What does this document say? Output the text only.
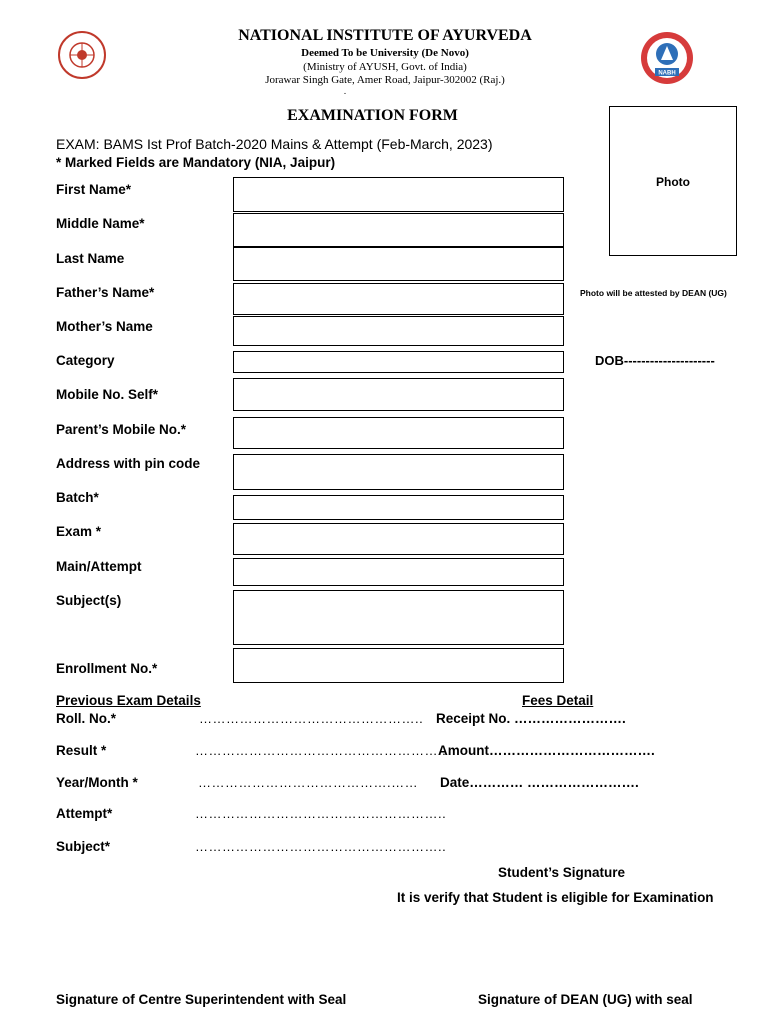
NABH
NATIONAL INSTITUTE OF AYURVEDA
Deemed To be University (De Novo)
(Ministry of AYUSH, Govt. of India)
Jorawar Singh Gate, Amer Road, Jaipur-302002 (Raj.)
.
EXAMINATION FORM
EXAM: BAMS Ist Prof Batch-2020 Mains & Attempt (Feb-March, 2023)
* Marked Fields are Mandatory (NIA, Jaipur)
Photo
Photo will be attested by DEAN (UG)
DOB---------------------
First Name*
Middle Name*
Last Name
Father’s Name*
Mother’s Name
Category
Mobile No. Self*
Parent’s Mobile No.*
Address with pin code
Batch*
Exam *
Main/Attempt
Subject(s)
Enrollment No.*
Previous Exam Details
Roll. No.*	…………………………………………..
Result *	………………………………………………..
Year/Month *	…………………………………….……
Attempt*	………………………………………………..
Subject*	………………………………………………..
Fees Detail
Receipt No. …………………….
Amount……………………………….
Date………… …………………….
Student’s Signature
It is verify that Student is eligible for Examination
Signature of Centre Superintendent with Seal	Signature of DEAN (UG) with seal
